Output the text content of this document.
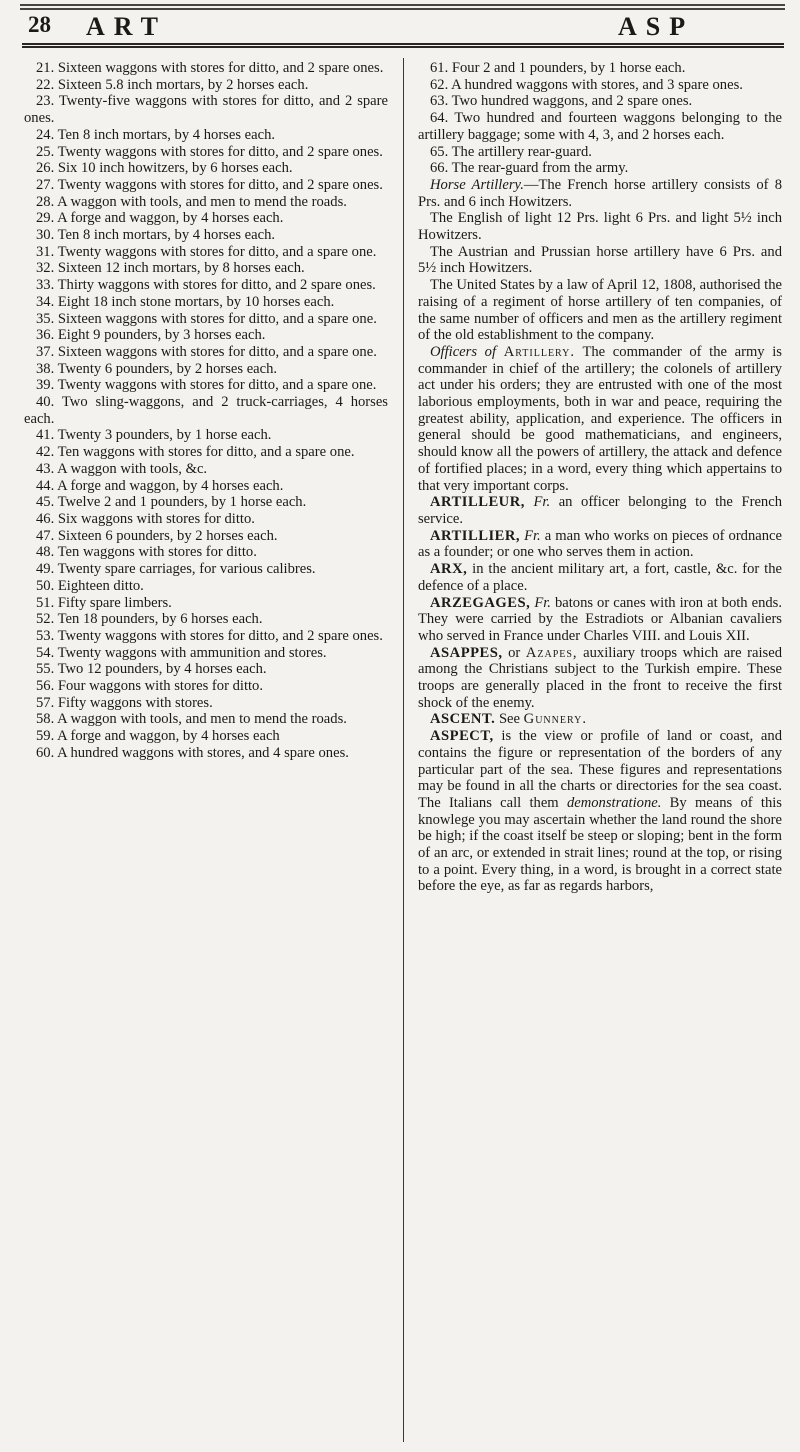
28 ART	ASP

21. Sixteen waggons with stores for ditto, and 2 spare ones.

22. Sixteen 5.8 inch mortars, by 2 horses each.

23. Twenty-five waggons with stores for ditto, and 2 spare ones.

24. Ten 8 inch mortars, by 4 horses each.

25. Twenty waggons with stores for ditto, and 2 spare ones.

26. Six 10 inch howitzers, by 6 horses each.

27. Twenty waggons with stores for ditto, and 2 spare ones.

28. A waggon with tools, and men to mend the roads.

29. A forge and waggon, by 4 horses each.

30. Ten 8 inch mortars, by 4 horses each.

31. Twenty waggons with stores for ditto, and a spare one.

32. Sixteen 12 inch mortars, by 8 horses each.

33. Thirty waggons with stores for ditto, and 2 spare ones.

34. Eight 18 inch stone mortars, by 10 horses each.

35. Sixteen waggons with stores for ditto, and a spare one.

36. Eight 9 pounders, by 3 horses each.

37. Sixteen waggons with stores for ditto, and a spare one.

38. Twenty 6 pounders, by 2 horses each.

39. Twenty waggons with stores for ditto, and a spare one.

40. Two sling-waggons, and 2 truck-carriages, 4 horses each.

41. Twenty 3 pounders, by 1 horse each.

42. Ten waggons with stores for ditto, and a spare one.

43. A waggon with tools, &c.

44. A forge and waggon, by 4 horses each.

45. Twelve 2 and 1 pounders, by 1 horse each.

46. Six waggons with stores for ditto.

47. Sixteen 6 pounders, by 2 horses each.

48. Ten waggons with stores for ditto.

49. Twenty spare carriages, for various calibres.

50. Eighteen ditto.

51. Fifty spare limbers.

52. Ten 18 pounders, by 6 horses each.

53. Twenty waggons with stores for ditto, and 2 spare ones.

54. Twenty waggons with ammunition and stores.

55. Two 12 pounders, by 4 horses each.

56. Four waggons with stores for ditto.

57. Fifty waggons with stores.

58. A waggon with tools, and men to mend the roads.

59. A forge and waggon, by 4 horses each

60. A hundred waggons with stores, and 4 spare ones.

61. Four 2 and 1 pounders, by 1 horse each.

62. A hundred waggons with stores, and 3 spare ones.

63. Two hundred waggons, and 2 spare ones.

64. Two hundred and fourteen waggons belonging to the artillery baggage; some with 4, 3, and 2 horses each.

65. The artillery rear-guard.

66. The rear-guard from the army.

Horse Artillery.—The French horse artillery consists of 8 Prs. and 6 inch Howitzers.

The English of light 12 Prs. light 6 Prs. and light 5½ inch Howitzers.

The Austrian and Prussian horse artillery have 6 Prs. and 5½ inch Howitzers.

The United States by a law of April 12, 1808, authorised the raising of a regiment of horse artillery of ten companies, of the same number of officers and men as the artillery regiment of the old establishment to the company.

Officers of Artillery. The commander of the army is commander in chief of the artillery; the colonels of artillery act under his orders; they are entrusted with one of the most laborious employments, both in war and peace, requiring the greatest ability, application, and experience. The officers in general should be good mathematicians, and engineers, should know all the powers of artillery, the attack and defence of fortified places; in a word, every thing which appertains to that very important corps.

ARTILLEUR, Fr. an officer belonging to the French service.

ARTILLIER, Fr. a man who works on pieces of ordnance as a founder; or one who serves them in action.

ARX, in the ancient military art, a fort, castle, &c. for the defence of a place.

ARZEGAGES, Fr. batons or canes with iron at both ends. They were carried by the Estradiots or Albanian cavaliers who served in France under Charles VIII. and Louis XII.

ASAPPES, or Azapes, auxiliary troops which are raised among the Christians subject to the Turkish empire. These troops are generally placed in the front to receive the first shock of the enemy.

ASCENT. See Gunnery.

ASPECT, is the view or profile of land or coast, and contains the figure or representation of the borders of any particular part of the sea. These figures and representations may be found in all the charts or directories for the sea coast. The Italians call them demonstratione. By means of this knowlege you may ascertain whether the land round the shore be high; if the coast itself be steep or sloping; bent in the form of an arc, or extended in strait lines; round at the top, or rising to a point. Every thing, in a word, is brought in a correct state before the eye, as far as regards harbors,
